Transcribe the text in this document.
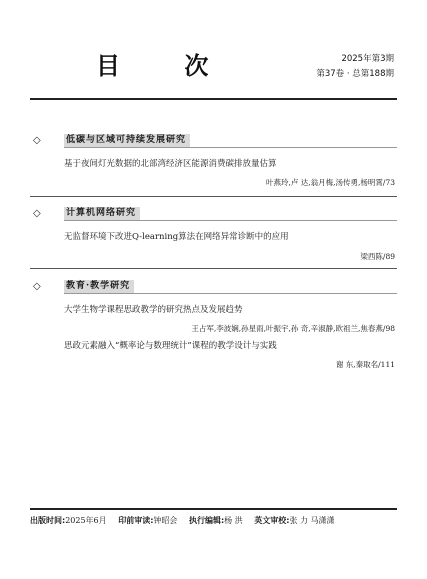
目 次	2025年第3期
第37卷 · 总第188期
◇	低碳与区域可持续发展研究
基于夜间灯光数据的北部湾经济区能源消费碳排放量估算
叶燕玲,卢 达,翁月梅,汤传勇,杨明霄/73
◇	计算机网络研究
无监督环境下改进Q-learning算法在网络异常诊断中的应用
梁西陈/89
◇	教育·教学研究
大学生物学课程思政教学的研究热点及发展趋势
王占军,李波娴,孙星雨,叶振宇,孙 奇,辛淑静,欧祖兰,焦春燕/98
思政元素融入“概率论与数理统计”课程的教学设计与实践
谢 东,秦取名/111
出版时间:2025年6月 印前审读:钟昭会 执行编辑:杨 洪 英文审校:张 力 马潇潇
